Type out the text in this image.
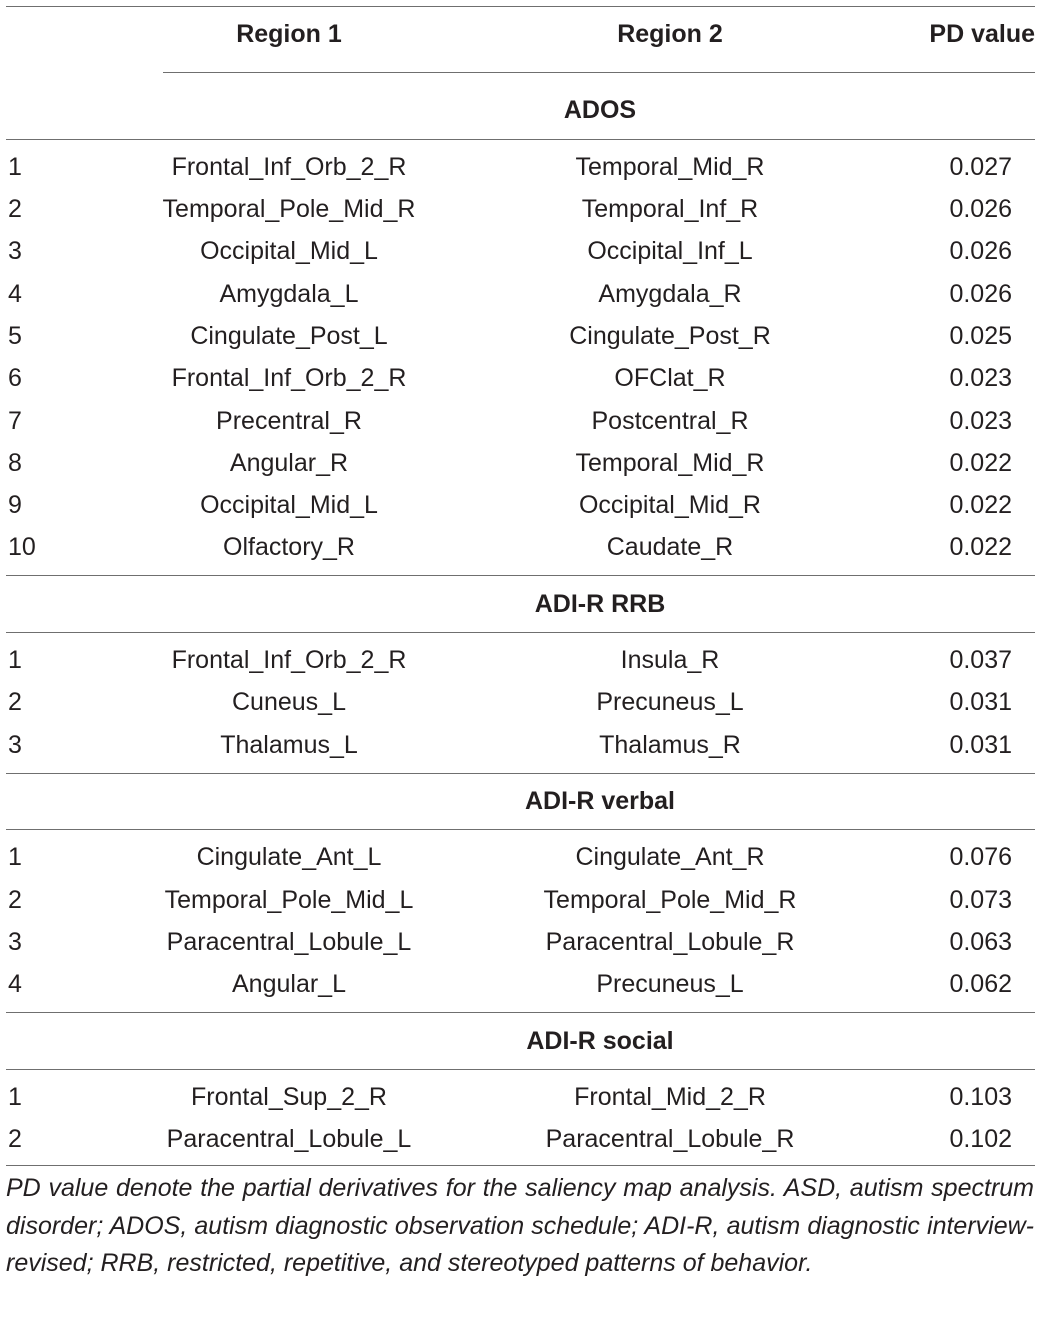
Region 1	Region 2	PD value
ADOS
1	Frontal_Inf_Orb_2_R	Temporal_Mid_R	0.027
2	Temporal_Pole_Mid_R	Temporal_Inf_R	0.026
3	Occipital_Mid_L	Occipital_Inf_L	0.026
4	Amygdala_L	Amygdala_R	0.026
5	Cingulate_Post_L	Cingulate_Post_R	0.025
6	Frontal_Inf_Orb_2_R	OFClat_R	0.023
7	Precentral_R	Postcentral_R	0.023
8	Angular_R	Temporal_Mid_R	0.022
9	Occipital_Mid_L	Occipital_Mid_R	0.022
10	Olfactory_R	Caudate_R	0.022
ADI-R RRB
1	Frontal_Inf_Orb_2_R	Insula_R	0.037
2	Cuneus_L	Precuneus_L	0.031
3	Thalamus_L	Thalamus_R	0.031
ADI-R verbal
1	Cingulate_Ant_L	Cingulate_Ant_R	0.076
2	Temporal_Pole_Mid_L	Temporal_Pole_Mid_R	0.073
3	Paracentral_Lobule_L	Paracentral_Lobule_R	0.063
4	Angular_L	Precuneus_L	0.062
ADI-R social
1	Frontal_Sup_2_R	Frontal_Mid_2_R	0.103
2	Paracentral_Lobule_L	Paracentral_Lobule_R	0.102
PD value denote the partial derivatives for the saliency map analysis. ASD, autism spectrum disorder; ADOS, autism diagnostic observation schedule; ADI-R, autism diagnostic interview-revised; RRB, restricted, repetitive, and stereotyped patterns of behavior.
